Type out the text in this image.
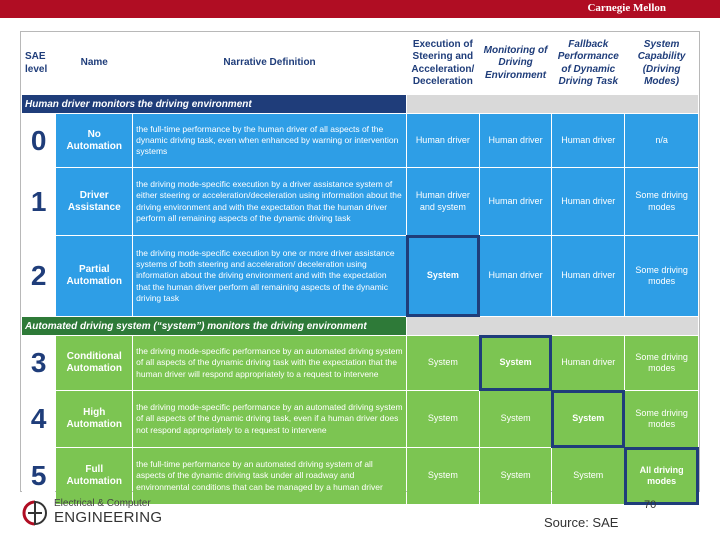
Carnegie Mellon
SAE level	Name	Narrative Definition	Execution of Steering and Acceleration/ Deceleration	Monitoring of Driving Environment	Fallback Performance of Dynamic Driving Task	System Capability (Driving Modes)
Human driver monitors the driving environment						
0	No Automation	the full-time performance by the human driver of all aspects of the dynamic driving task, even when enhanced by warning or intervention systems	Human driver	Human driver	Human driver	n/a
1	Driver Assistance	the driving mode-specific execution by a driver assistance system of either steering or acceleration/deceleration using information about the driving environment and with the expectation that the human driver perform all remaining aspects of the dynamic driving task	Human driver and system	Human driver	Human driver	Some driving modes
2	Partial Automation	the driving mode-specific execution by one or more driver assistance systems of both steering and acceleration/ deceleration using information about the driving environment and with the expectation that the human driver perform all remaining aspects of the dynamic driving task	System	Human driver	Human driver	Some driving modes
Automated driving system (“system”) monitors the driving environment						
3	Conditional Automation	the driving mode-specific performance by an automated driving system of all aspects of the dynamic driving task with the expectation that the human driver will respond appropriately to a request to intervene	System	System	Human driver	Some driving modes
4	High Automation	the driving mode-specific performance by an automated driving system of all aspects of the dynamic driving task, even if a human driver does not respond appropriately to a request to intervene	System	System	System	Some driving modes
5	Full Automation	the full-time performance by an automated driving system of all aspects of the dynamic driving task under all roadway and environmental conditions that can be managed by a human driver	System	System	System	All driving modes
Electrical & Computer
ENGINEERING
70
Source: SAE
